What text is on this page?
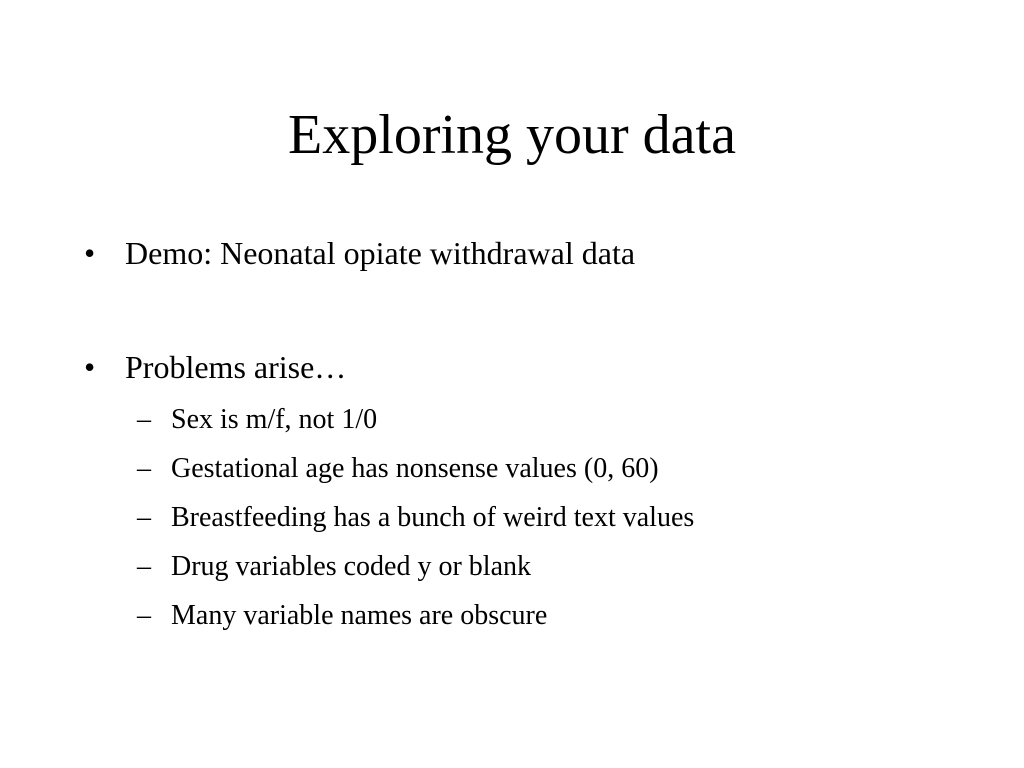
Exploring your data
• Demo: Neonatal opiate withdrawal data
• Problems arise…
– Sex is m/f, not 1/0
– Gestational age has nonsense values (0, 60)
– Breastfeeding has a bunch of weird text values
– Drug variables coded y or blank
– Many variable names are obscure
